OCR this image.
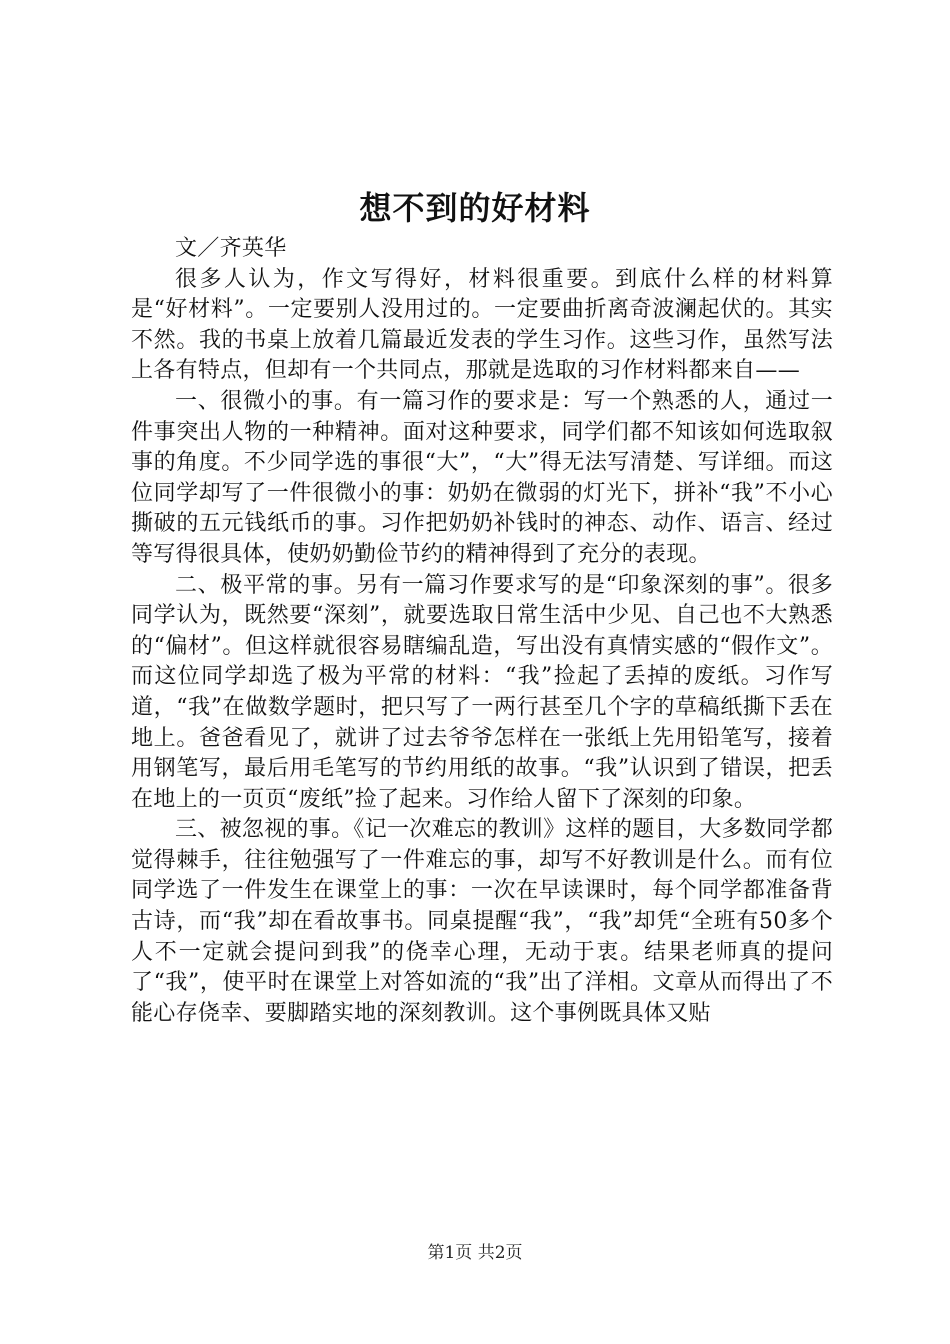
想不到的好材料

文／齐英华

很多人认为，作文写得好，材料很重要。到底什么样的材料算是“好材料”。一定要别人没用过的。一定要曲折离奇波澜起伏的。其实不然。我的书桌上放着几篇最近发表的学生习作。这些习作，虽然写法上各有特点，但却有一个共同点，那就是选取的习作材料都来自——

一、很微小的事。有一篇习作的要求是：写一个熟悉的人，通过一件事突出人物的一种精神。面对这种要求，同学们都不知该如何选取叙事的角度。不少同学选的事很“大”，“大”得无法写清楚、写详细。而这位同学却写了一件很微小的事：奶奶在微弱的灯光下，拼补“我”不小心撕破的五元钱纸币的事。习作把奶奶补钱时的神态、动作、语言、经过等写得很具体，使奶奶勤俭节约的精神得到了充分的表现。

二、极平常的事。另有一篇习作要求写的是“印象深刻的事”。很多同学认为，既然要“深刻”，就要选取日常生活中少见、自己也不大熟悉的“偏材”。但这样就很容易瞎编乱造，写出没有真情实感的“假作文”。而这位同学却选了极为平常的材料：“我”捡起了丢掉的废纸。习作写道，“我”在做数学题时，把只写了一两行甚至几个字的草稿纸撕下丢在地上。爸爸看见了，就讲了过去爷爷怎样在一张纸上先用铅笔写，接着用钢笔写，最后用毛笔写的节约用纸的故事。“我”认识到了错误，把丢在地上的一页页“废纸”捡了起来。习作给人留下了深刻的印象。

三、被忽视的事。《记一次难忘的教训》这样的题目，大多数同学都觉得棘手，往往勉强写了一件难忘的事，却写不好教训是什么。而有位同学选了一件发生在课堂上的事：一次在早读课时，每个同学都准备背古诗，而“我”却在看故事书。同桌提醒“我”，“我”却凭“全班有50多个人不一定就会提问到我”的侥幸心理，无动于衷。结果老师真的提问了“我”，使平时在课堂上对答如流的“我”出了洋相。文章从而得出了不能心存侥幸、要脚踏实地的深刻教训。这个事例既具体又贴

第1页 共2页
